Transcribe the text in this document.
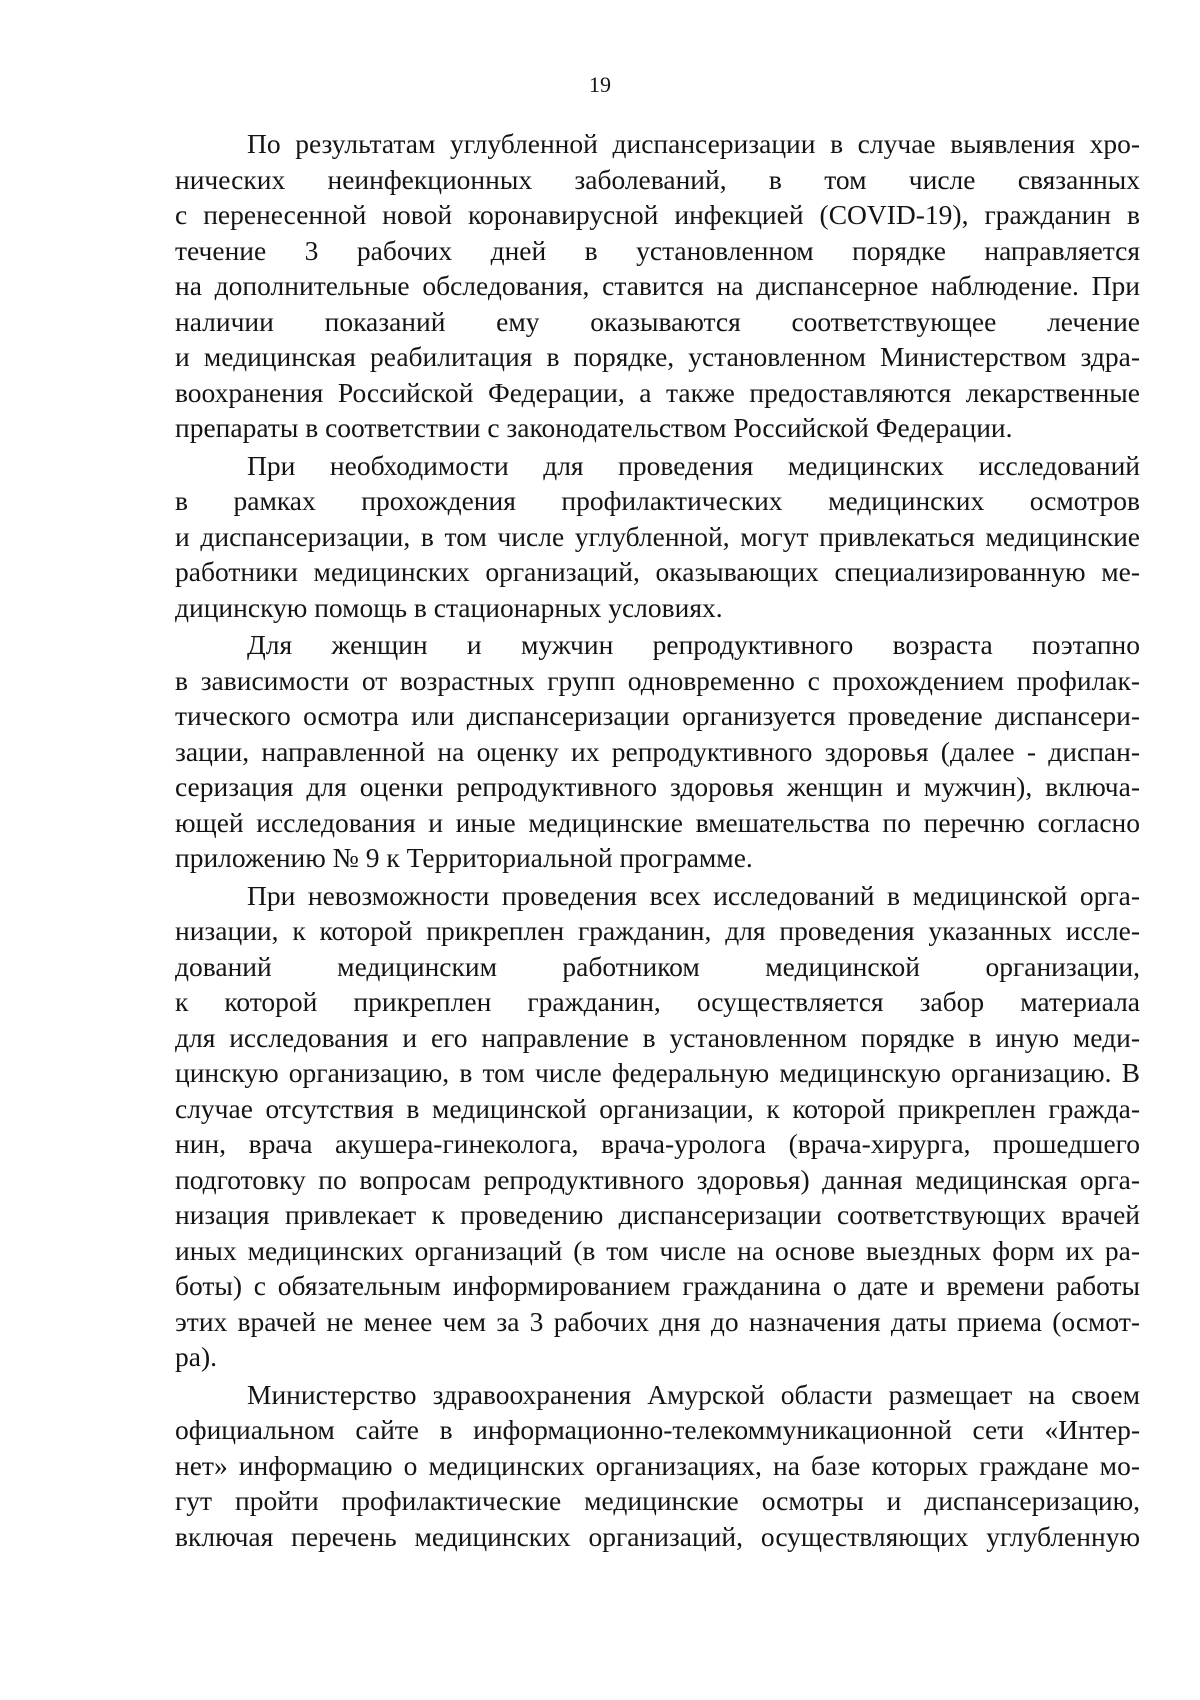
19
По результатам углубленной диспансеризации в случае выявления хро-
нических неинфекционных заболеваний, в том числе связанных
с перенесенной новой коронавирусной инфекцией (COVID-19), гражданин в
течение 3 рабочих дней в установленном порядке направляется
на дополнительные обследования, ставится на диспансерное наблюдение. При
наличии показаний ему оказываются соответствующее лечение
и медицинская реабилитация в порядке, установленном Министерством здра-
воохранения Российской Федерации, а также предоставляются лекарственные
препараты в соответствии с законодательством Российской Федерации.
При необходимости для проведения медицинских исследований
в рамках прохождения профилактических медицинских осмотров
и диспансеризации, в том числе углубленной, могут привлекаться медицинские
работники медицинских организаций, оказывающих специализированную ме-
дицинскую помощь в стационарных условиях.
Для женщин и мужчин репродуктивного возраста поэтапно
в зависимости от возрастных групп одновременно с прохождением профилак-
тического осмотра или диспансеризации организуется проведение диспансери-
зации, направленной на оценку их репродуктивного здоровья (далее - диспан-
серизация для оценки репродуктивного здоровья женщин и мужчин), включа-
ющей исследования и иные медицинские вмешательства по перечню согласно
приложению № 9 к Территориальной программе.
При невозможности проведения всех исследований в медицинской орга-
низации, к которой прикреплен гражданин, для проведения указанных иссле-
дований медицинским работником медицинской организации,
к которой прикреплен гражданин, осуществляется забор материала
для исследования и его направление в установленном порядке в иную меди-
цинскую организацию, в том числе федеральную медицинскую организацию. В
случае отсутствия в медицинской организации, к которой прикреплен гражда-
нин, врача акушера-гинеколога, врача-уролога (врача-хирурга, прошедшего
подготовку по вопросам репродуктивного здоровья) данная медицинская орга-
низация привлекает к проведению диспансеризации соответствующих врачей
иных медицинских организаций (в том числе на основе выездных форм их ра-
боты) с обязательным информированием гражданина о дате и времени работы
этих врачей не менее чем за 3 рабочих дня до назначения даты приема (осмот-
ра).
Министерство здравоохранения Амурской области размещает на своем
официальном сайте в информационно-телекоммуникационной сети «Интер-
нет» информацию о медицинских организациях, на базе которых граждане мо-
гут пройти профилактические медицинские осмотры и диспансеризацию,
включая перечень медицинских организаций, осуществляющих углубленную
